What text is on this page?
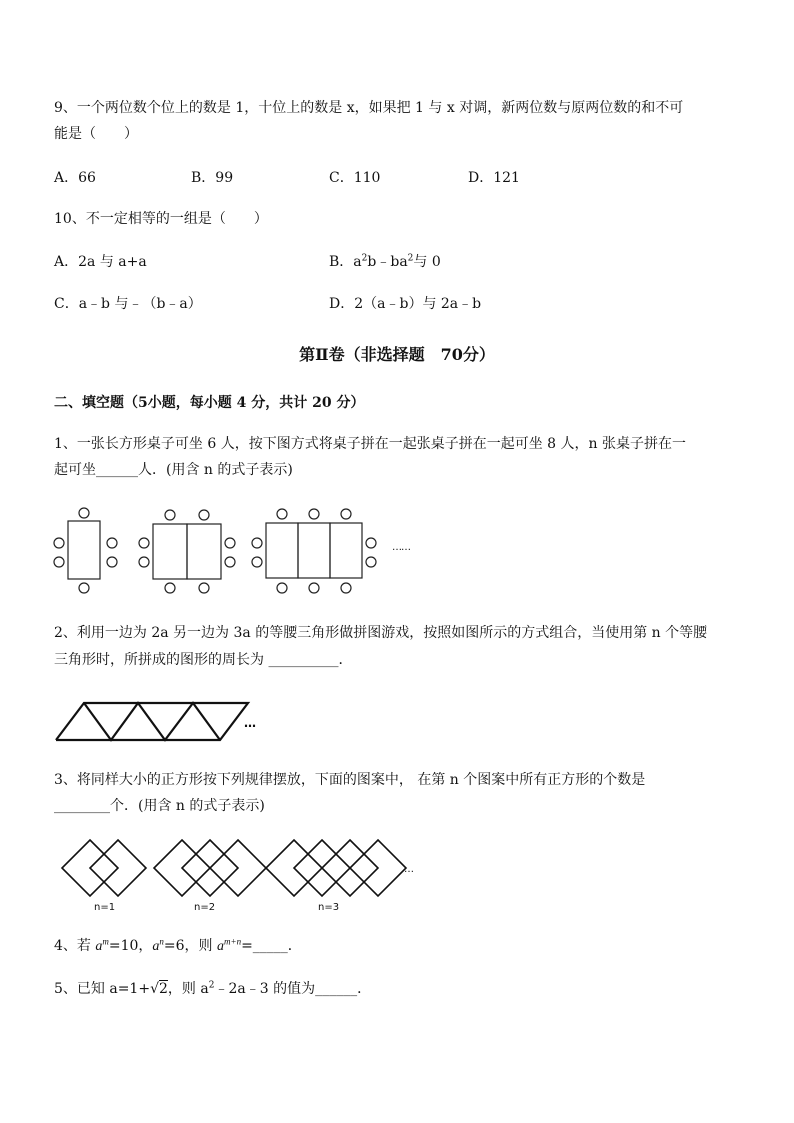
9、一个两位数个位上的数是 1，十位上的数是 x，如果把 1 与 x 对调，新两位数与原两位数的和不可
能是（　　）
A．66	B．99	C．110	D．121
10、不一定相等的一组是（　　）
A．2a 与 a+a	B．$a^2b﹣ba^2$与 0
C．a﹣b 与﹣（b﹣a）	D．2（a﹣b）与 2a﹣b
第Ⅱ卷（非选择题　70分）
二、填空题（5小题，每小题 4 分，共计 20 分）
1、一张长方形桌子可坐 6 人，按下图方式将桌子拼在一起张桌子拼在一起可坐 8 人，n 张桌子拼在一
起可坐______人．(用含 n 的式子表示)
……
2、利用一边为 2a 另一边为 3a 的等腰三角形做拼图游戏，按照如图所示的方式组合，当使用第 n 个等腰
三角形时，所拼成的图形的周长为 __________．
…
3、将同样大小的正方形按下列规律摆放，下面的图案中， 在第 n 个图案中所有正方形的个数是
________个．(用含 n 的式子表示)
…
n=1	n=2	n=3
4、若 $a^m=10$，$a^n=6$，则 $a^{m+n}=\_\_\_\_\_$．
5、已知 a=1+√2，则 $a^2﹣2a﹣3$ 的值为______．
